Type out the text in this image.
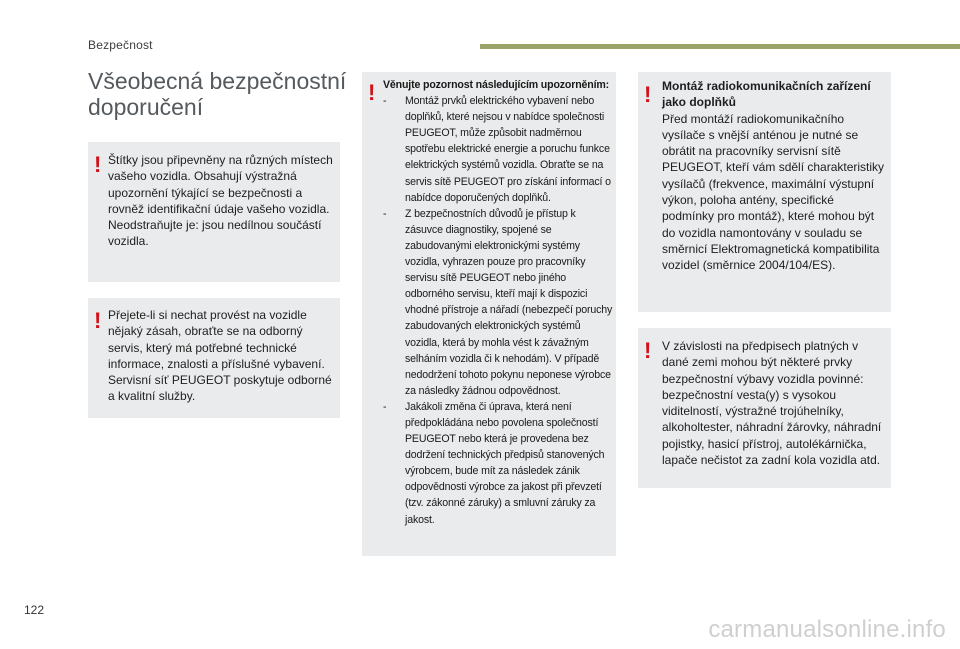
Bezpečnost
Všeobecná bezpečnostní doporučení
! Štítky jsou připevněny na různých místech vašeho vozidla. Obsahují výstražná upozornění týkající se bezpečnosti a rovněž identifikační údaje vašeho vozidla. Neodstraňujte je: jsou nedílnou součástí vozidla.
! Přejete-li si nechat provést na vozidle nějaký zásah, obraťte se na odborný servis, který má potřebné technické informace, znalosti a příslušné vybavení. Servisní síť PEUGEOT poskytuje odborné a kvalitní služby.
! Věnujte pozornost následujícím upozorněním:
- Montáž prvků elektrického vybavení nebo doplňků, které nejsou v nabídce společnosti PEUGEOT, může způsobit nadměrnou spotřebu elektrické energie a poruchu funkce elektrických systémů vozidla. Obraťte se na servis sítě PEUGEOT pro získání informací o nabídce doporučených doplňků.
- Z bezpečnostních důvodů je přístup k zásuvce diagnostiky, spojené se zabudovanými elektronickými systémy vozidla, vyhrazen pouze pro pracovníky servisu sítě PEUGEOT nebo jiného odborného servisu, kteří mají k dispozici vhodné přístroje a nářadí (nebezpečí poruchy zabudovaných elektronických systémů vozidla, která by mohla vést k závažným selháním vozidla či k nehodám). V případě nedodržení tohoto pokynu neponese výrobce za následky žádnou odpovědnost.
- Jakákoli změna či úprava, která není předpokládána nebo povolena společností PEUGEOT nebo která je provedena bez dodržení technických předpisů stanovených výrobcem, bude mít za následek zánik odpovědnosti výrobce za jakost při převzetí (tzv. zákonné záruky) a smluvní záruky za jakost.
! Montáž radiokomunikačních zařízení jako doplňků
Před montáží radiokomunikačního vysílače s vnější anténou je nutné se obrátit na pracovníky servisní sítě PEUGEOT, kteří vám sdělí charakteristiky vysílačů (frekvence, maximální výstupní výkon, poloha antény, specifické podmínky pro montáž), které mohou být do vozidla namontovány v souladu se směrnicí Elektromagnetická kompatibilita vozidel (směrnice 2004/104/ES).
! V závislosti na předpisech platných v dané zemi mohou být některé prvky bezpečnostní výbavy vozidla povinné: bezpečnostní vesta(y) s vysokou viditelností, výstražné trojúhelníky, alkoholtester, náhradní žárovky, náhradní pojistky, hasicí přístroj, autolékárnička, lapače nečistot za zadní kola vozidla atd.
122
carmanualsonline.info
